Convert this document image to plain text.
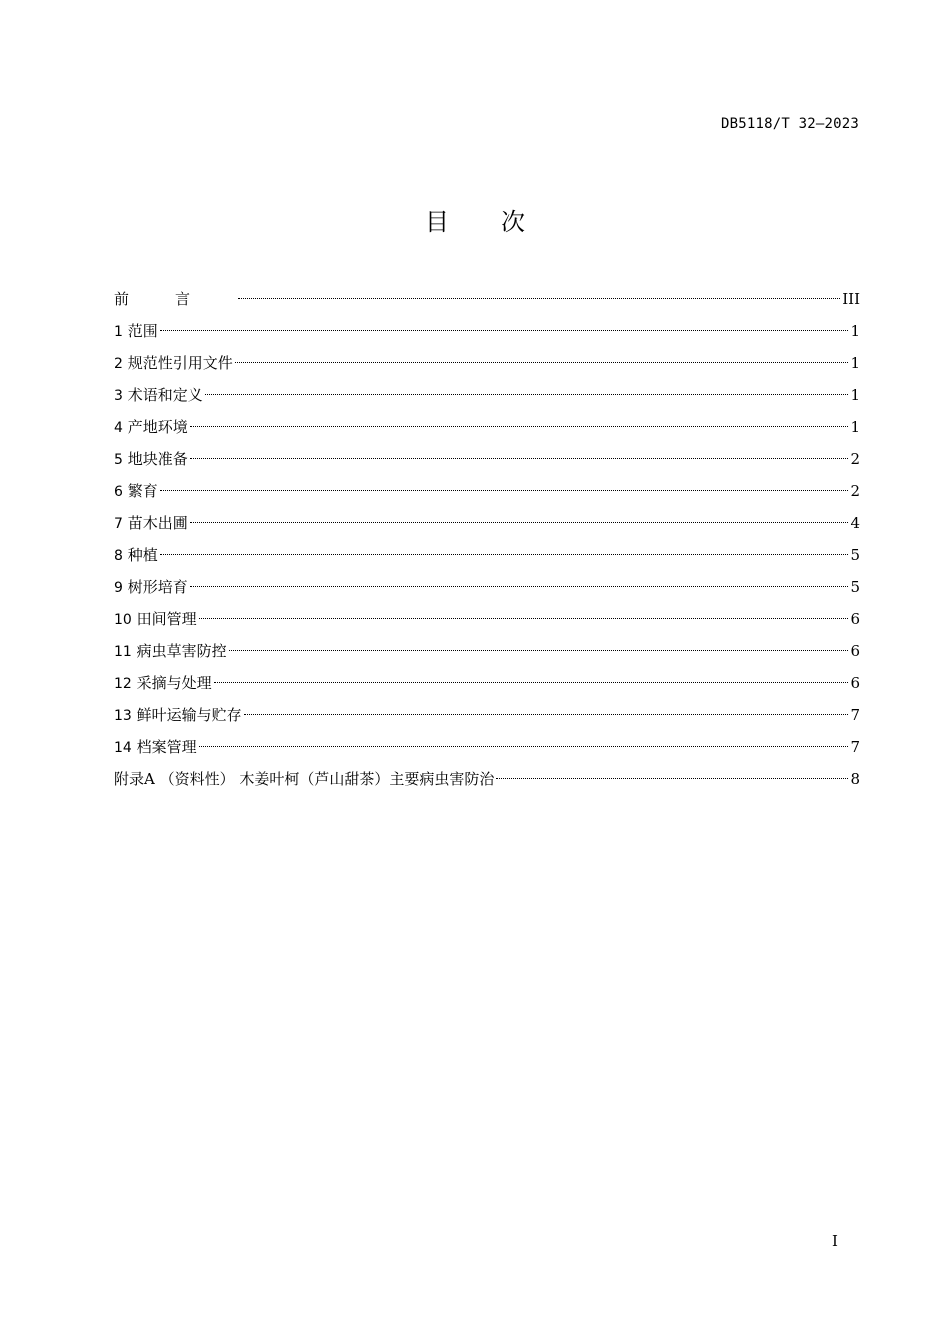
DB5118/T 32—2023
目次
前言	III
1 范围	1
2 规范性引用文件	1
3 术语和定义	1
4 产地环境	1
5 地块准备	2
6 繁育	2
7 苗木出圃	4
8 种植	5
9 树形培育	5
10 田间管理	6
11 病虫草害防控	6
12 采摘与处理	6
13 鲜叶运输与贮存	7
14 档案管理	7
附录A （资料性） 木姜叶柯（芦山甜茶）主要病虫害防治	8
I
